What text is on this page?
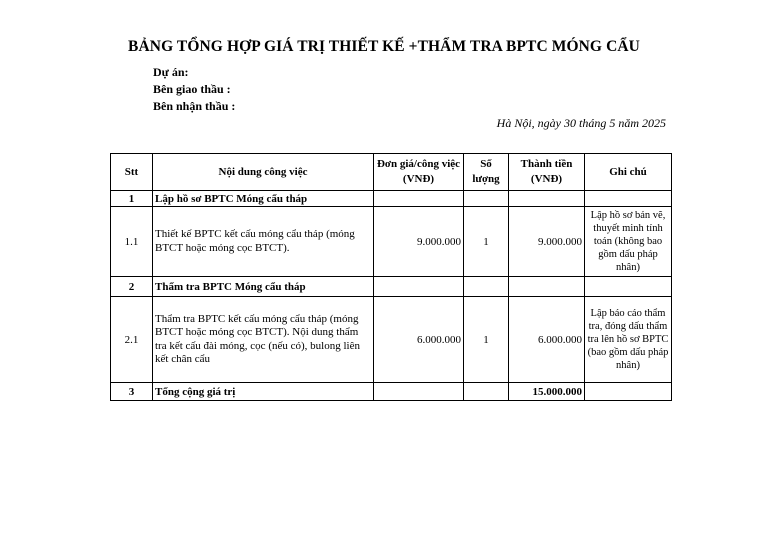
BẢNG TỔNG HỢP GIÁ TRỊ THIẾT KẾ +THẨM TRA BPTC MÓNG CẨU
Dự án:
Bên giao thầu :
Bên nhận thầu :
Hà Nội, ngày 30 tháng 5 năm 2025
Stt	Nội dung công việc	Đơn giá/công việc (VNĐ)	Số lượng	Thành tiền (VNĐ)	Ghi chú
1	Lập hồ sơ BPTC Móng cẩu tháp				
1.1	Thiết kế BPTC kết cấu móng cẩu tháp (móng BTCT hoặc móng cọc BTCT).	9.000.000	1	9.000.000	Lập hồ sơ bản vẽ, thuyết minh tính toán (không bao gồm dấu pháp nhân)
2	Thẩm tra BPTC Móng cẩu tháp				
2.1	Thẩm tra BPTC kết cấu móng cẩu tháp (móng BTCT hoặc móng cọc BTCT). Nội dung thẩm tra kết cấu đài móng, cọc (nếu có), bulong liên kết chân cẩu	6.000.000	1	6.000.000	Lập báo cáo thẩm tra, đóng dấu thẩm tra lên hồ sơ BPTC (bao gồm dấu pháp nhân)
3	Tổng cộng giá trị			15.000.000	
